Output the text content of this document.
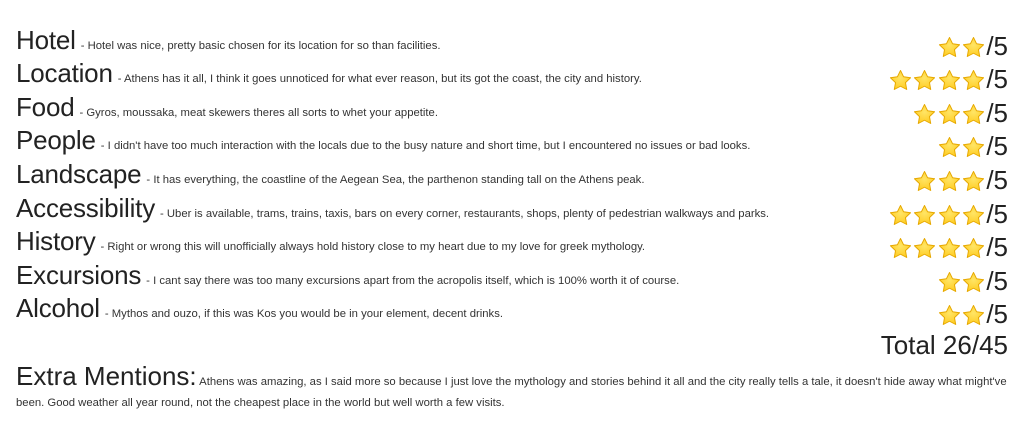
Hotel - Hotel was nice, pretty basic chosen for its location for so than facilities.	/5
Location - Athens has it all, I think it goes unnoticed for what ever reason, but its got the coast, the city and history.	/5
Food - Gyros, moussaka, meat skewers theres all sorts to whet your appetite.	/5
People - I didn't have too much interaction with the locals due to the busy nature and short time, but I encountered no issues or bad looks.	/5
Landscape - It has everything, the coastline of the Aegean Sea, the parthenon standing tall on the Athens peak.	/5
Accessibility - Uber is available, trams, trains, taxis, bars on every corner, restaurants, shops, plenty of pedestrian walkways and parks.	/5
History - Right or wrong this will unofficially always hold history close to my heart due to my love for greek mythology.	/5
Excursions - I cant say there was too many excursions apart from the acropolis itself, which is 100% worth it of course.	/5
Alcohol - Mythos and ouzo, if this was Kos you would be in your element, decent drinks.	/5
Total 26/45
Extra Mentions: Athens was amazing, as I said more so because I just love the mythology and stories behind it all and the city really tells a tale, it doesn't hide away what might've been. Good weather all year round, not the cheapest place in the world but well worth a few visits.
